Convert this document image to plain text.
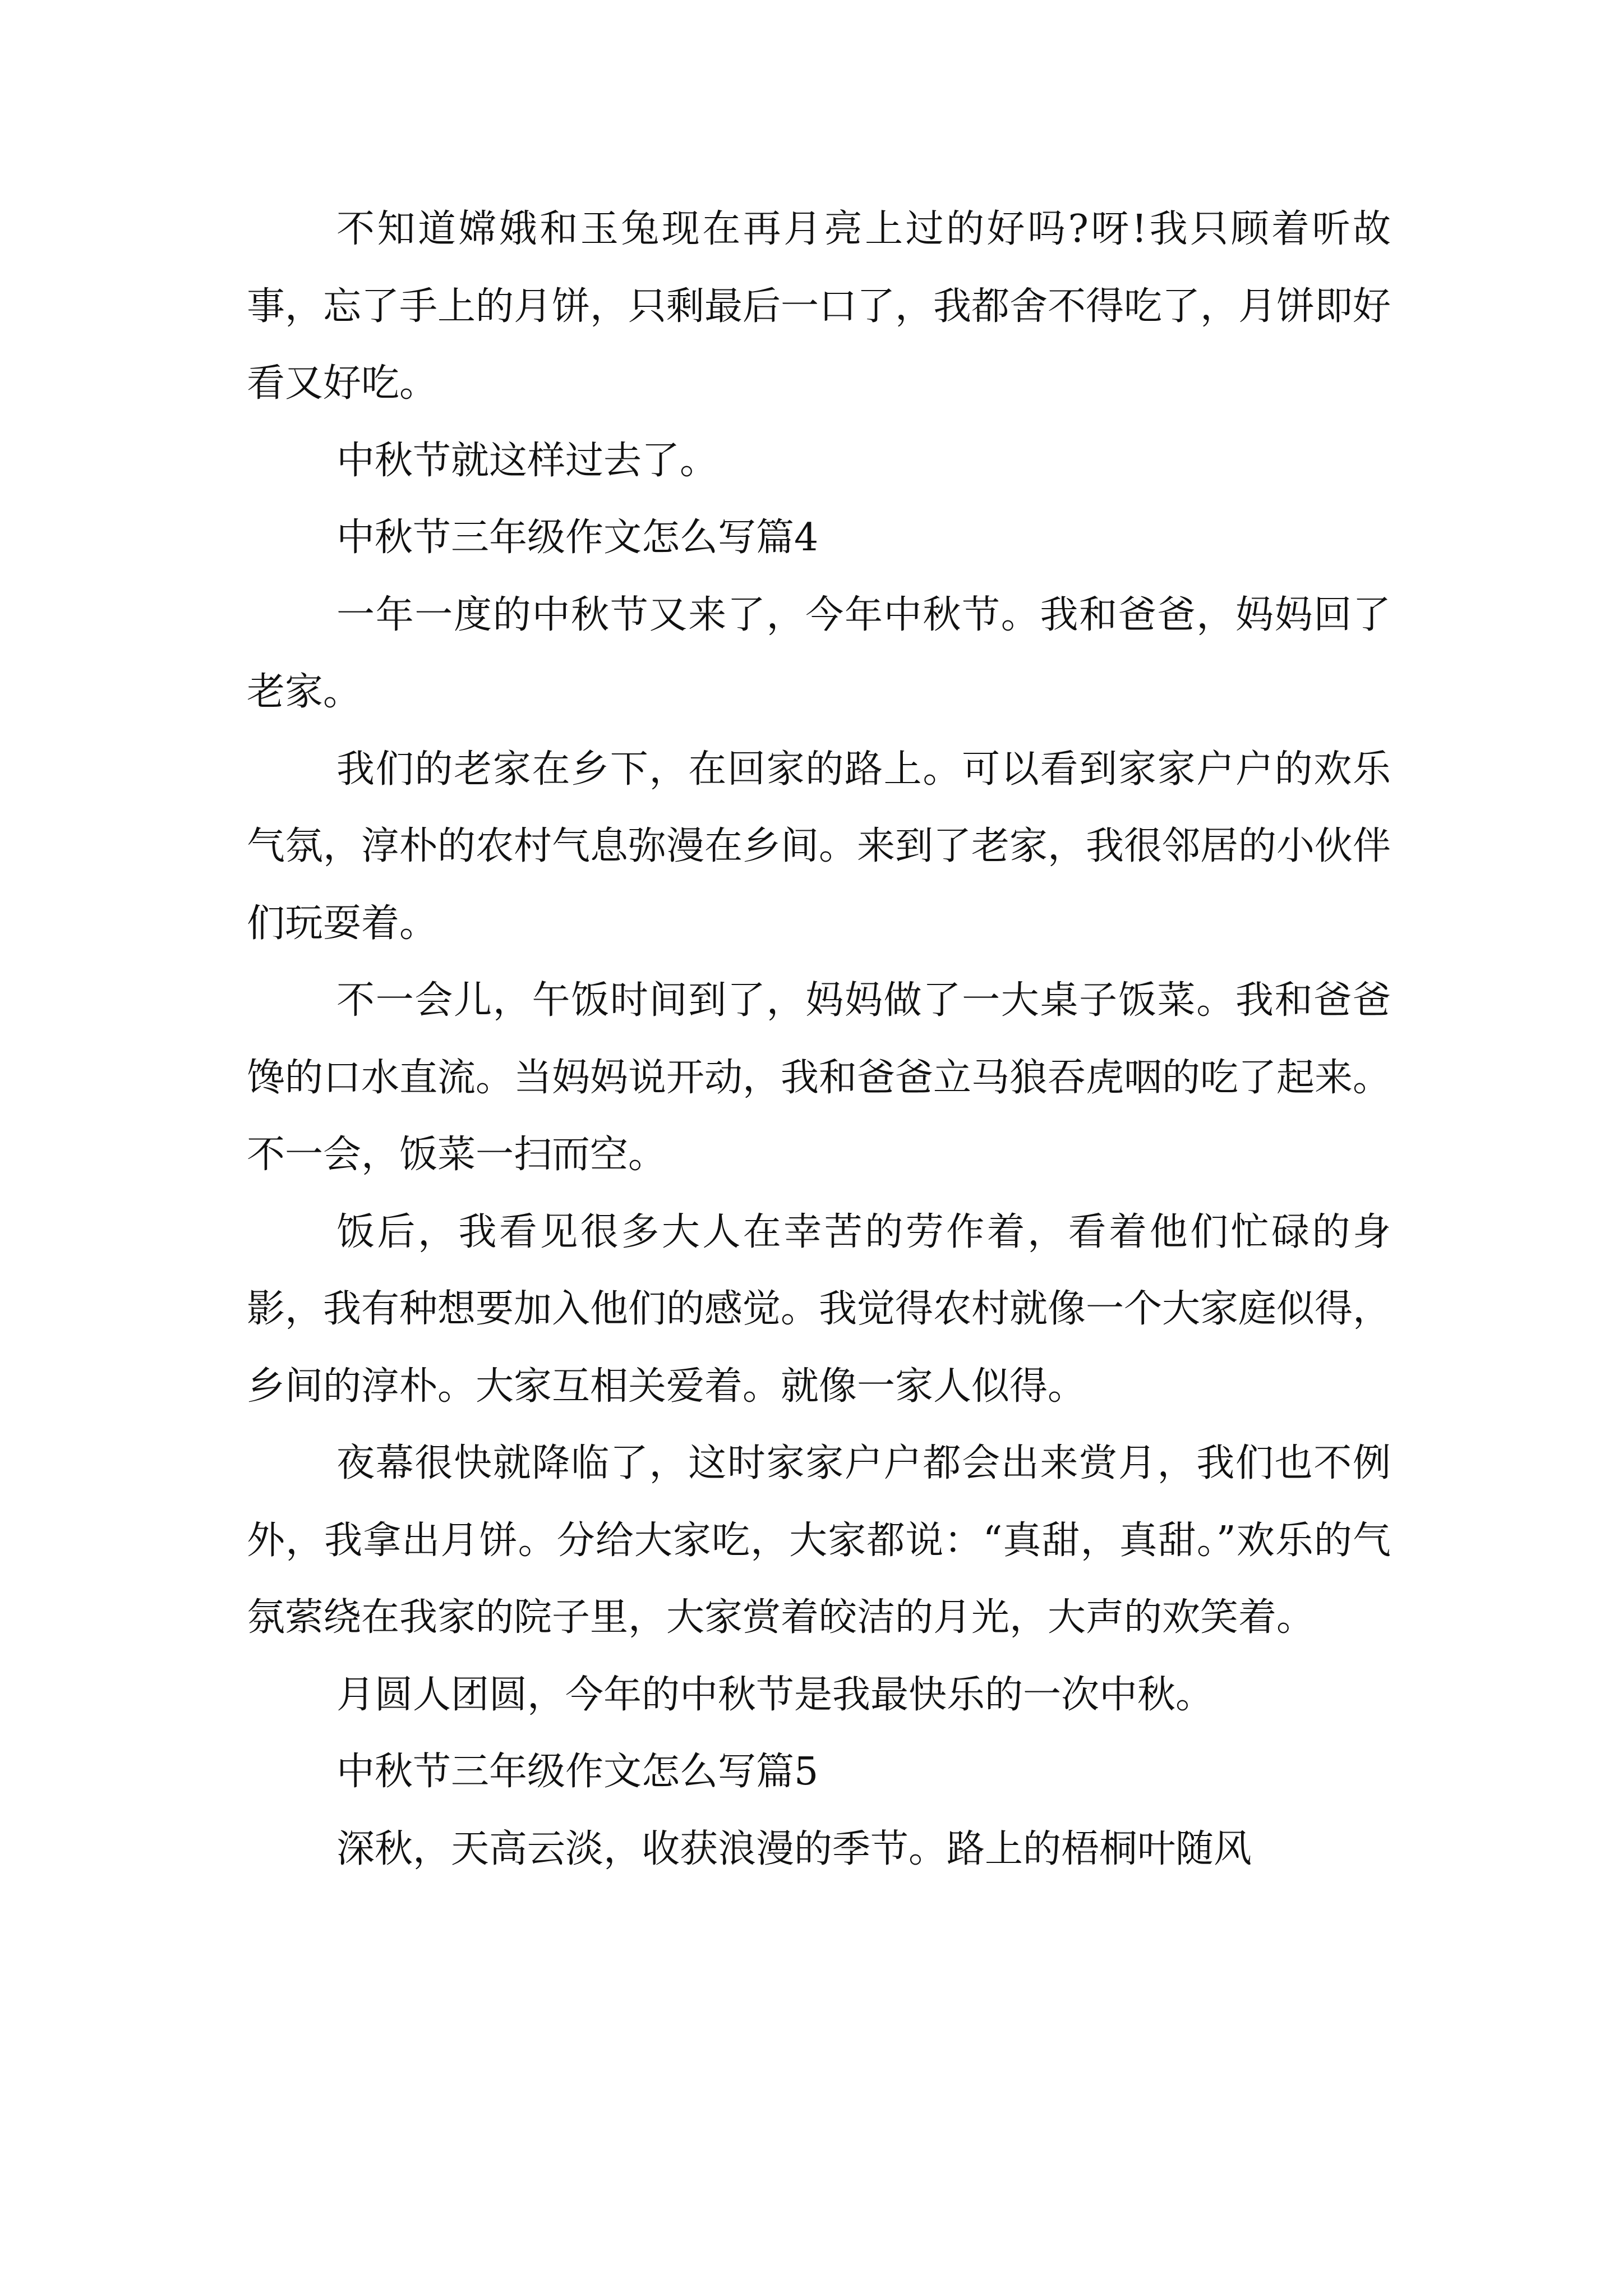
不知道嫦娥和玉兔现在再月亮上过的好吗?呀!我只顾着听故事，忘了手上的月饼，只剩最后一口了，我都舍不得吃了，月饼即好看又好吃。

中秋节就这样过去了。

中秋节三年级作文怎么写篇4

一年一度的中秋节又来了，今年中秋节。我和爸爸，妈妈回了老家。

我们的老家在乡下，在回家的路上。可以看到家家户户的欢乐气氛，淳朴的农村气息弥漫在乡间。来到了老家，我很邻居的小伙伴们玩耍着。

不一会儿，午饭时间到了，妈妈做了一大桌子饭菜。我和爸爸馋的口水直流。当妈妈说开动，我和爸爸立马狼吞虎咽的吃了起来。不一会，饭菜一扫而空。

饭后，我看见很多大人在幸苦的劳作着，看着他们忙碌的身影，我有种想要加入他们的感觉。我觉得农村就像一个大家庭似得，乡间的淳朴。大家互相关爱着。就像一家人似得。

夜幕很快就降临了，这时家家户户都会出来赏月，我们也不例外，我拿出月饼。分给大家吃，大家都说：“真甜，真甜。”欢乐的气氛萦绕在我家的院子里，大家赏着皎洁的月光，大声的欢笑着。

月圆人团圆，今年的中秋节是我最快乐的一次中秋。

中秋节三年级作文怎么写篇5

深秋，天高云淡，收获浪漫的季节。路上的梧桐叶随风
